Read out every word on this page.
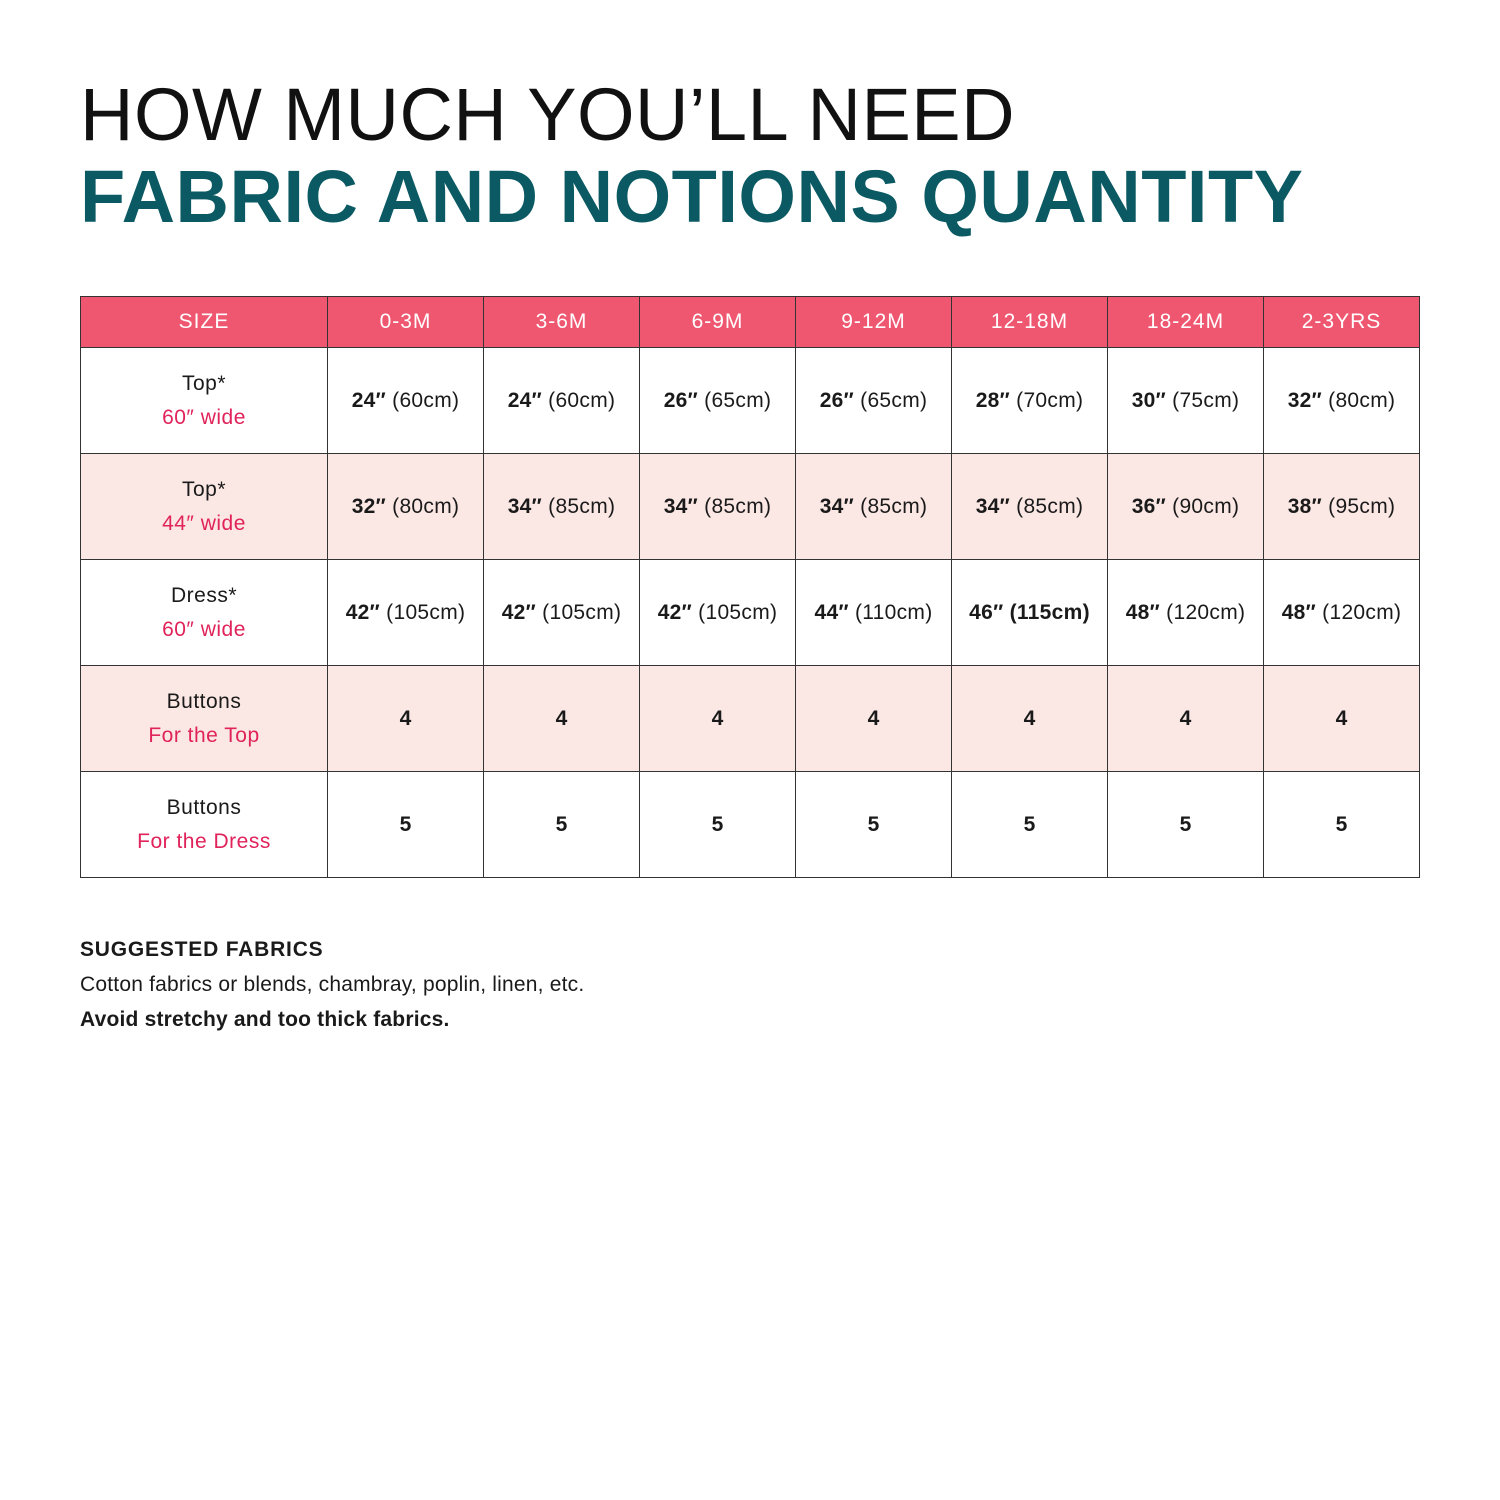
HOW MUCH YOU’LL NEED
FABRIC AND NOTIONS QUANTITY
SIZE	0-3M	3-6M	6-9M	9-12M	12-18M	18-24M	2-3YRS

Top*
60″ wide	24″ (60cm)	24″ (60cm)	26″ (65cm)	26″ (65cm)	28″ (70cm)	30″ (75cm)	32″ (80cm)

Top*
44″ wide	32″ (80cm)	34″ (85cm)	34″ (85cm)	34″ (85cm)	34″ (85cm)	36″ (90cm)	38″ (95cm)

Dress*
60″ wide	42″ (105cm)	42″ (105cm)	42″ (105cm)	44″ (110cm)	46″ (115cm)	48″ (120cm)	48″ (120cm)

Buttons
For the Top	4	4	4	4	4	4	4

Buttons
For the Dress	5	5	5	5	5	5	5
SUGGESTED FABRICS
Cotton fabrics or blends, chambray, poplin, linen, etc.
Avoid stretchy and too thick fabrics.
